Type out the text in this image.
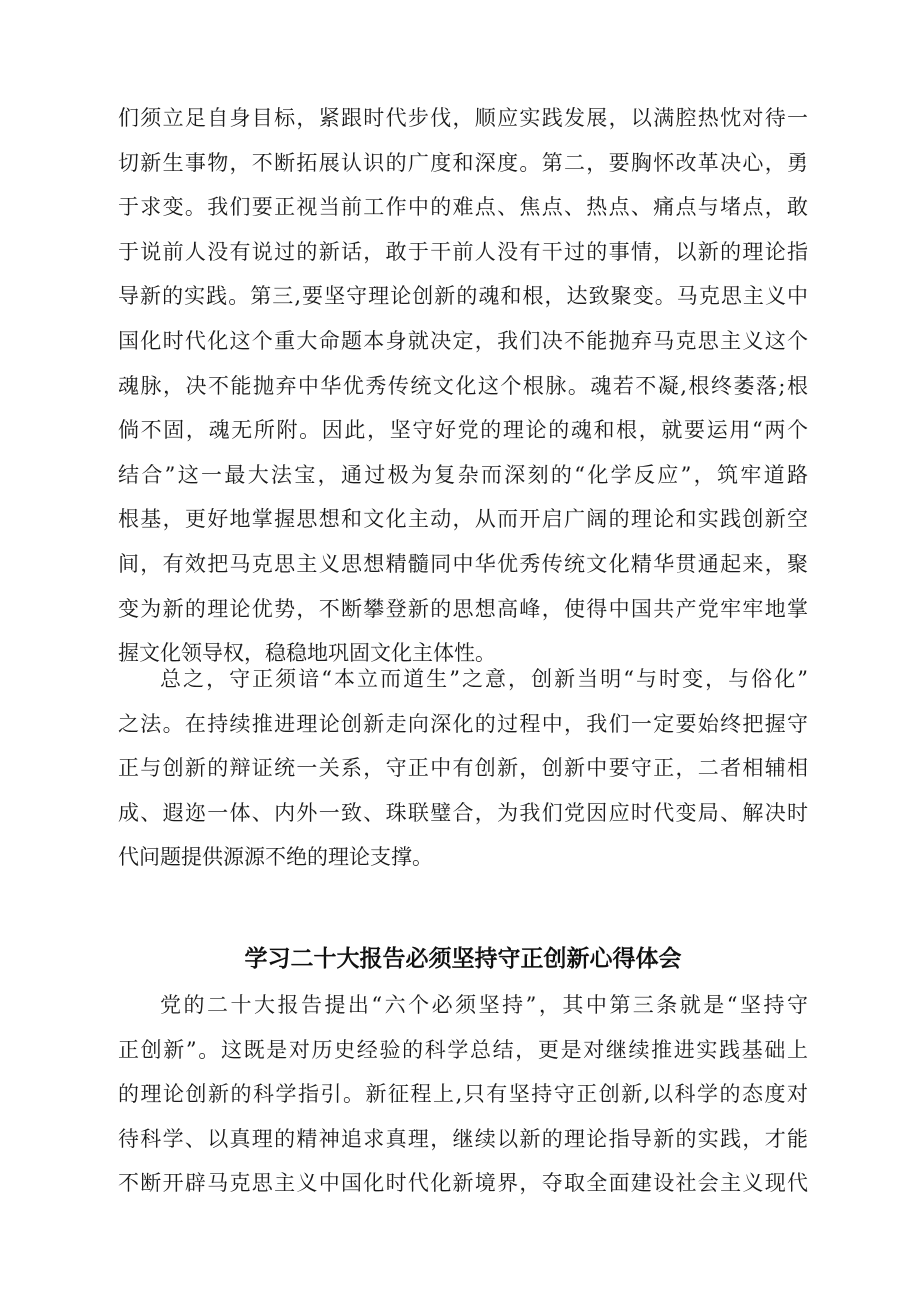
们须立足自身目标，紧跟时代步伐，顺应实践发展，以满腔热忱对待一
切新生事物，不断拓展认识的广度和深度。第二，要胸怀改革决心，勇
于求变。我们要正视当前工作中的难点、焦点、热点、痛点与堵点，敢
于说前人没有说过的新话，敢于干前人没有干过的事情，以新的理论指
导新的实践。第三,要坚守理论创新的魂和根，达致聚变。马克思主义中
国化时代化这个重大命题本身就决定，我们决不能抛弃马克思主义这个
魂脉，决不能抛弃中华优秀传统文化这个根脉。魂若不凝,根终萎落;根
倘不固，魂无所附。因此，坚守好党的理论的魂和根，就要运用“两个
结合”这一最大法宝，通过极为复杂而深刻的“化学反应”，筑牢道路
根基，更好地掌握思想和文化主动，从而开启广阔的理论和实践创新空
间，有效把马克思主义思想精髓同中华优秀传统文化精华贯通起来，聚
变为新的理论优势，不断攀登新的思想高峰，使得中国共产党牢牢地掌
握文化领导权，稳稳地巩固文化主体性。
总之，守正须谙“本立而道生”之意，创新当明“与时变，与俗化”
之法。在持续推进理论创新走向深化的过程中，我们一定要始终把握守
正与创新的辩证统一关系，守正中有创新，创新中要守正，二者相辅相
成、遐迩一体、内外一致、珠联璧合，为我们党因应时代变局、解决时
代问题提供源源不绝的理论支撑。
学习二十大报告必须坚持守正创新心得体会
党的二十大报告提出“六个必须坚持”，其中第三条就是“坚持守
正创新”。这既是对历史经验的科学总结，更是对继续推进实践基础上
的理论创新的科学指引。新征程上,只有坚持守正创新,以科学的态度对
待科学、以真理的精神追求真理，继续以新的理论指导新的实践，才能
不断开辟马克思主义中国化时代化新境界，夺取全面建设社会主义现代
